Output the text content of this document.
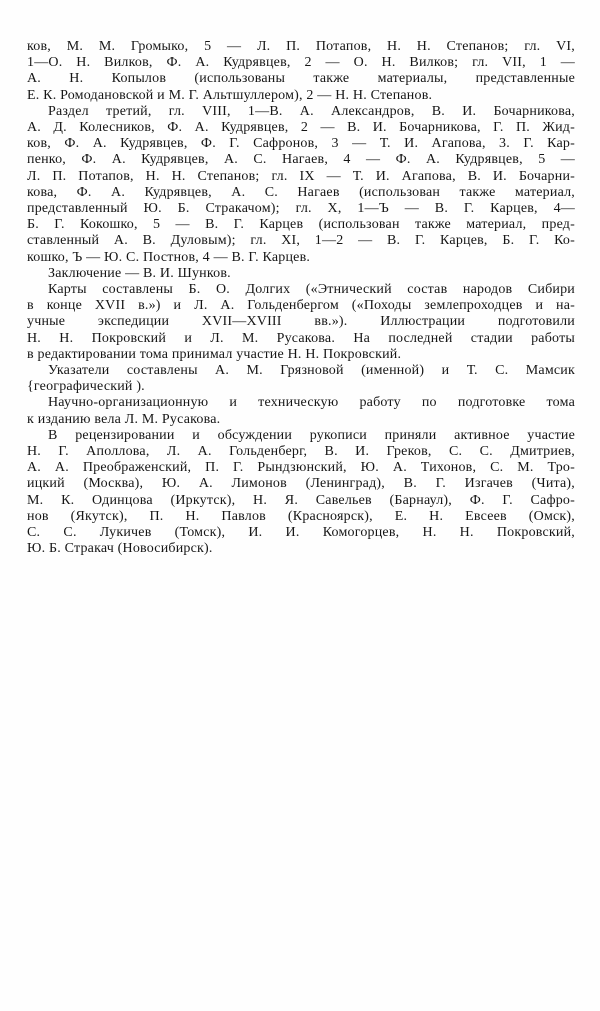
ков, М. М. Громыко, 5 — Л. П. Потапов, Н. Н. Степанов; гл. VI,
1—О. Н. Вилков, Ф. А. Кудрявцев, 2 — О. Н. Вилков; гл. VII, 1 —
А. Н. Копылов (использованы также материалы, представленные
Е. К. Ромодановской и М. Г. Альтшуллером), 2 — Н. Н. Степанов.
Раздел третий, гл. VIII, 1—В. А. Александров, В. И. Бочарникова,
А. Д. Колесников, Ф. А. Кудрявцев, 2 — В. И. Бочарникова, Г. П. Жид-
ков, Ф. А. Кудрявцев, Ф. Г. Сафронов, 3 — Т. И. Агапова, 3. Г. Кар-
пенко, Ф. А. Кудрявцев, А. С. Нагаев, 4 — Ф. А. Кудрявцев, 5 —
Л. П. Потапов, Н. Н. Степанов; гл. IX — Т. И. Агапова, В. И. Бочарни-
кова, Ф. А. Кудрявцев, А. С. Нагаев (использован также материал,
представленный Ю. Б. Стракачом); гл. X, 1—Ъ — В. Г. Карцев, 4—
Б. Г. Кокошко, 5 — В. Г. Карцев (использован также материал, пред-
ставленный А. В. Дуловым); гл. XI, 1—2 — В. Г. Карцев, Б. Г. Ко-
кошко, Ъ — Ю. С. Постнов, 4 — В. Г. Карцев.
Заключение — В. И. Шунков.
Карты составлены Б. О. Долгих («Этнический состав народов Сибири
в конце XVII в.») и Л. А. Гольденбергом («Походы землепроходцев и на-
учные экспедиции XVII—XVIII вв.»). Иллюстрации подготовили
Н. Н. Покровский и Л. М. Русакова. На последней стадии работы
в редактировании тома принимал участие Н. Н. Покровский.
Указатели составлены А. М. Грязновой (именной) и Т. С. Мамсик
{географический ).
Научно-организационную и техническую работу по подготовке тома
к изданию вела Л. М. Русакова.
В рецензировании и обсуждении рукописи приняли активное участие
Н. Г. Аполлова, Л. А. Гольденберг, В. И. Греков, С. С. Дмитриев,
А. А. Преображенский, П. Г. Рындзюнский, Ю. А. Тихонов, С. М. Тро-
ицкий (Москва), Ю. А. Лимонов (Ленинград), В. Г. Изгачев (Чита),
М. К. Одинцова (Иркутск), Н. Я. Савельев (Барнаул), Ф. Г. Сафро-
нов (Якутск), П. Н. Павлов (Красноярск), Е. Н. Евсеев (Омск),
С. С. Лукичев (Томск), И. И. Комогорцев, Н. Н. Покровский,
Ю. Б. Стракач (Новосибирск).
